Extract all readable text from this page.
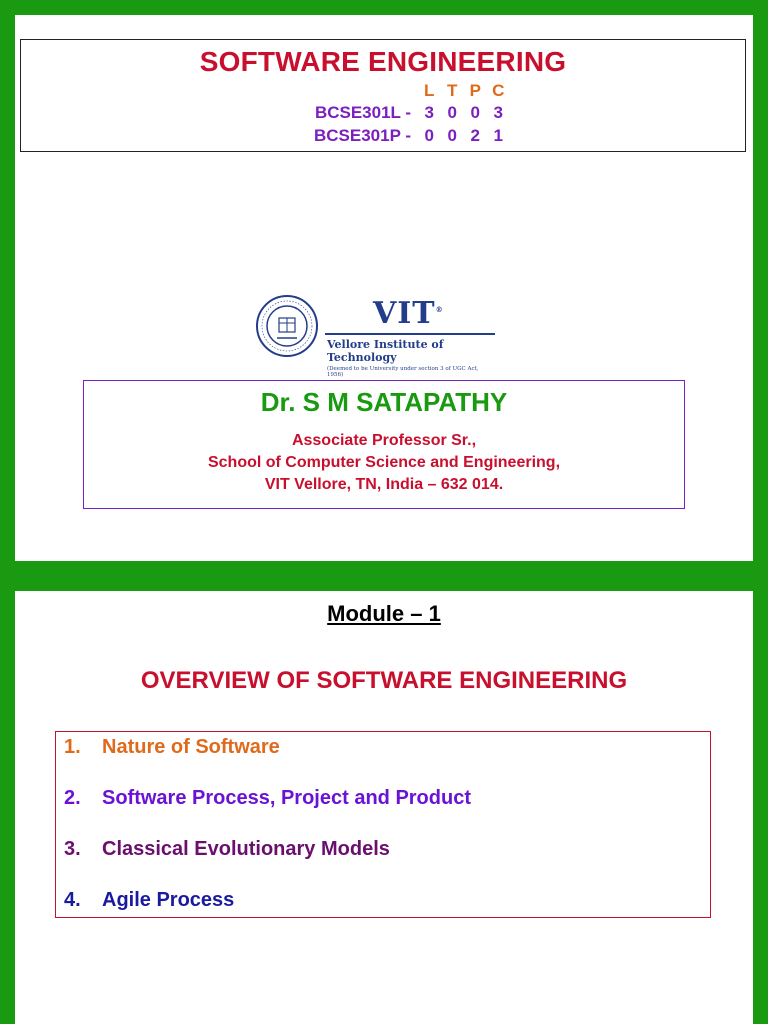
SOFTWARE ENGINEERING
L T P C
BCSE301L - 3 0 0 3
BCSE301P - 0 0 2 1
VIT®
Vellore Institute of Technology
(Deemed to be University under section 3 of UGC Act, 1956)
Dr. S M SATAPATHY
Associate Professor Sr.,
School of Computer Science and Engineering,
VIT Vellore, TN, India – 632 014.
Module – 1
OVERVIEW OF SOFTWARE ENGINEERING
1. Nature of Software
2. Software Process, Project and Product
3. Classical Evolutionary Models
4. Agile Process
